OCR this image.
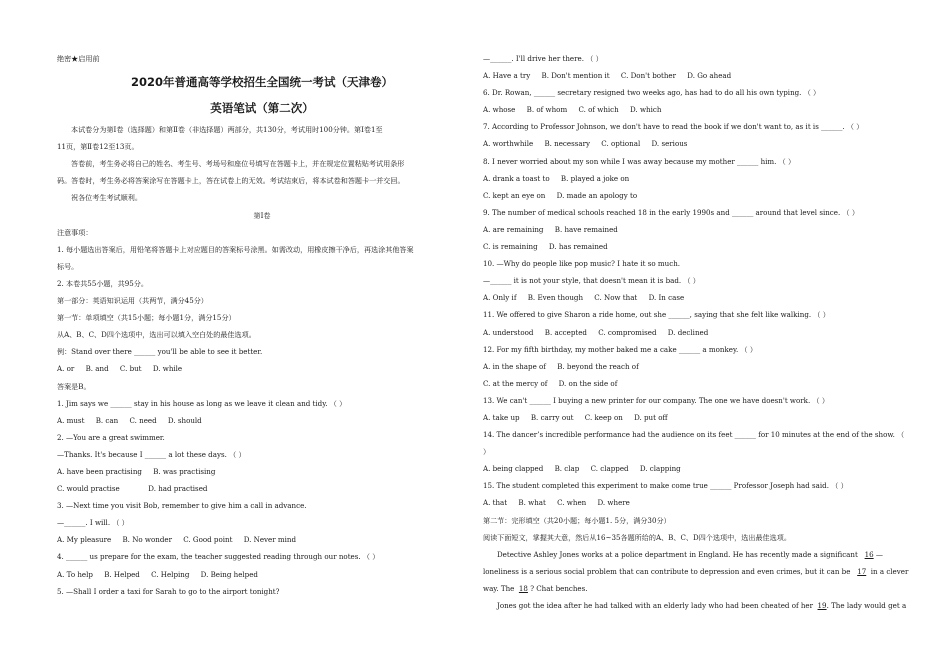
绝密★启用前
2020年普通高等学校招生全国统一考试（天津卷）
英语笔试（第二次）
本试卷分为第Ⅰ卷（选择题）和第Ⅱ卷（非选择题）两部分，共130分，考试用时100分钟。第Ⅰ卷1至
11页，第Ⅱ卷12至13页。
答卷前，考生务必将自己的姓名、考生号、考场号和座位号填写在答题卡上，并在规定位置粘贴考试用条形
码。答卷时，考生务必将答案涂写在答题卡上，答在试卷上的无效。考试结束后，将本试卷和答题卡一并交回。
祝各位考生考试顺利。
第Ⅰ卷
注意事项：
1. 每小题选出答案后，用铅笔将答题卡上对应题目的答案标号涂黑。如需改动，用橡皮擦干净后，再选涂其他答案
标号。
2. 本卷共55小题，共95分。
第一部分：英语知识运用（共两节，满分45分）
第一节：单项填空（共15小题；每小题1分，满分15分）
从A、B、C、D四个选项中，选出可以填入空白处的最佳选项。
例：Stand over there ______ you'll be able to see it better.
A. or B. and C. but D. while
答案是B。
1. Jim says we ______ stay in his house as long as we leave it clean and tidy. （ ）
A. must B. can C. need D. should
2. —You are a great swimmer.
—Thanks. It's because I ______ a lot these days. （ ）
A. have been practising B. was practising
C. would practise	D. had practised
3. —Next time you visit Bob, remember to give him a call in advance.
—______. I will. （ ）
A. My pleasure B. No wonder C. Good point D. Never mind
4. ______ us prepare for the exam, the teacher suggested reading through our notes. （ ）
A. To help B. Helped C. Helping D. Being helped
5. —Shall I order a taxi for Sarah to go to the airport tonight?
—______. I'll drive her there. （ ）
A. Have a try B. Don't mention it C. Don't bother D. Go ahead
6. Dr. Rowan, ______ secretary resigned two weeks ago, has had to do all his own typing. （ ）
A. whose B. of whom C. of which D. which
7. According to Professor Johnson, we don't have to read the book if we don't want to, as it is ______. （ ）
A. worthwhile B. necessary C. optional D. serious
8. I never worried about my son while I was away because my mother ______ him. （ ）
A. drank a toast to B. played a joke on
C. kept an eye on D. made an apology to
9. The number of medical schools reached 18 in the early 1990s and ______ around that level since. （ ）
A. are remaining B. have remained
C. is remaining D. has remained
10. —Why do people like pop music? I hate it so much.
—______ it is not your style, that doesn't mean it is bad. （ ）
A. Only if B. Even though C. Now that D. In case
11. We offered to give Sharon a ride home, out she ______, saying that she felt like walking. （ ）
A. understood B. accepted C. compromised D. declined
12. For my fifth birthday, my mother baked me a cake ______ a monkey. （ ）
A. in the shape of B. beyond the reach of
C. at the mercy of D. on the side of
13. We can't ______ I buying a new printer for our company. The one we have doesn't work. （ ）
A. take up B. carry out C. keep on D. put off
14. The dancer’s incredible performance had the audience on its feet ______ for 10 minutes at the end of the show. （
）
A. being clapped B. clap C. clapped D. clapping
15. The student completed this experiment to make come true ______ Professor Joseph had said. （ ）
A. that B. what C. when D. where
第二节：完形填空（共20小题；每小题1. 5分，满分30分）
阅读下面短文，掌握其大意，然后从16~35各题所给的A、B、C、D四个选项中，选出最佳选项。
Detective Ashley Jones works at a police department in England. He has recently made a significant   16 —
loneliness is a serious social problem that can contribute to depression and even crimes, but it can be   17  in a clever
way. The  18 ? Chat benches.
Jones got the idea after he had talked with an elderly lady who had been cheated of her  19. The lady would get a
